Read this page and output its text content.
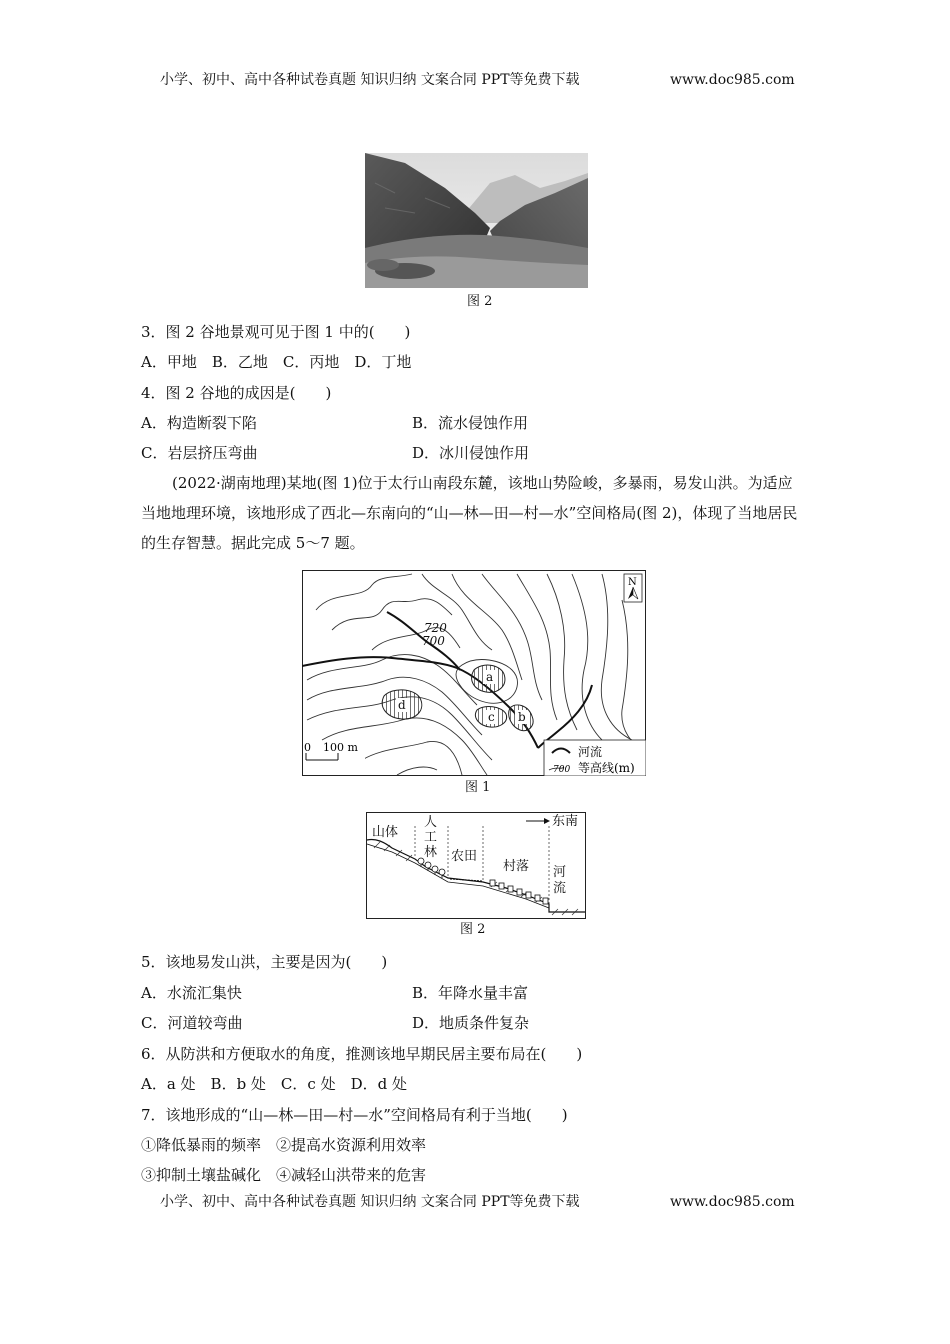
小学、初中、高中各种试卷真题 知识归纳 文案合同 PPT等免费下载	www.doc985.com
图 2
3．图 2 谷地景观可见于图 1 中的(　　)
A．甲地　B．乙地　C．丙地　D．丁地
4．图 2 谷地的成因是(　　)
A．构造断裂下陷	B．流水侵蚀作用
C．岩层挤压弯曲	D．冰川侵蚀作用
(2022·湖南地理)某地(图 1)位于太行山南段东麓，该地山势险峻，多暴雨，易发山洪。为适应当地地理环境，该地形成了西北—东南向的“山—林—田—村—水”空间格局(图 2)，体现了当地居民的生存智慧。据此完成 5～7 题。
a
b
c
d
720
700
N
0 100 m	河流
700 等高线(m)
图 1
东南
山体
人
工
林 农田
村落 河
流
图 2
5．该地易发山洪，主要是因为(　　)
A．水流汇集快	B．年降水量丰富
C．河道较弯曲	D．地质条件复杂
6．从防洪和方便取水的角度，推测该地早期民居主要布局在(　　)
A．a 处　B．b 处　C．c 处　D．d 处
7．该地形成的“山—林—田—村—水”空间格局有利于当地(　　)
①降低暴雨的频率　②提高水资源利用效率
③抑制土壤盐碱化　④减轻山洪带来的危害
小学、初中、高中各种试卷真题 知识归纳 文案合同 PPT等免费下载	www.doc985.com
